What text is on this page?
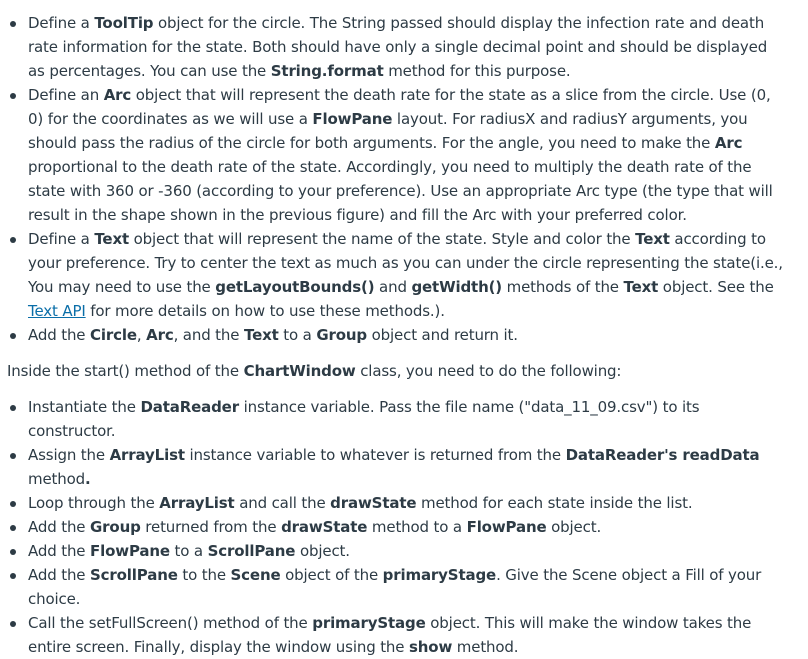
Define a ToolTip object for the circle. The String passed should display the infection rate and death rate information for the state. Both should have only a single decimal point and should be displayed as percentages. You can use the String.format method for this purpose.
Define an Arc object that will represent the death rate for the state as a slice from the circle. Use (0, 0) for the coordinates as we will use a FlowPane layout. For radiusX and radiusY arguments, you should pass the radius of the circle for both arguments. For the angle, you need to make the Arc proportional to the death rate of the state. Accordingly, you need to multiply the death rate of the state with 360 or -360 (according to your preference). Use an appropriate Arc type (the type that will result in the shape shown in the previous figure) and fill the Arc with your preferred color.
Define a Text object that will represent the name of the state. Style and color the Text according to your preference. Try to center the text as much as you can under the circle representing the state(i.e., You may need to use the getLayoutBounds() and getWidth() methods of the Text object. See the Text API for more details on how to use these methods.).
Add the Circle, Arc, and the Text to a Group object and return it.
Inside the start() method of the ChartWindow class, you need to do the following:
Instantiate the DataReader instance variable. Pass the file name ("data_11_09.csv") to its constructor.
Assign the ArrayList instance variable to whatever is returned from the DataReader's readData method.
Loop through the ArrayList and call the drawState method for each state inside the list.
Add the Group returned from the drawState method to a FlowPane object.
Add the FlowPane to a ScrollPane object.
Add the ScrollPane to the Scene object of the primaryStage. Give the Scene object a Fill of your choice.
Call the setFullScreen() method of the primaryStage object. This will make the window takes the entire screen. Finally, display the window using the show method.
